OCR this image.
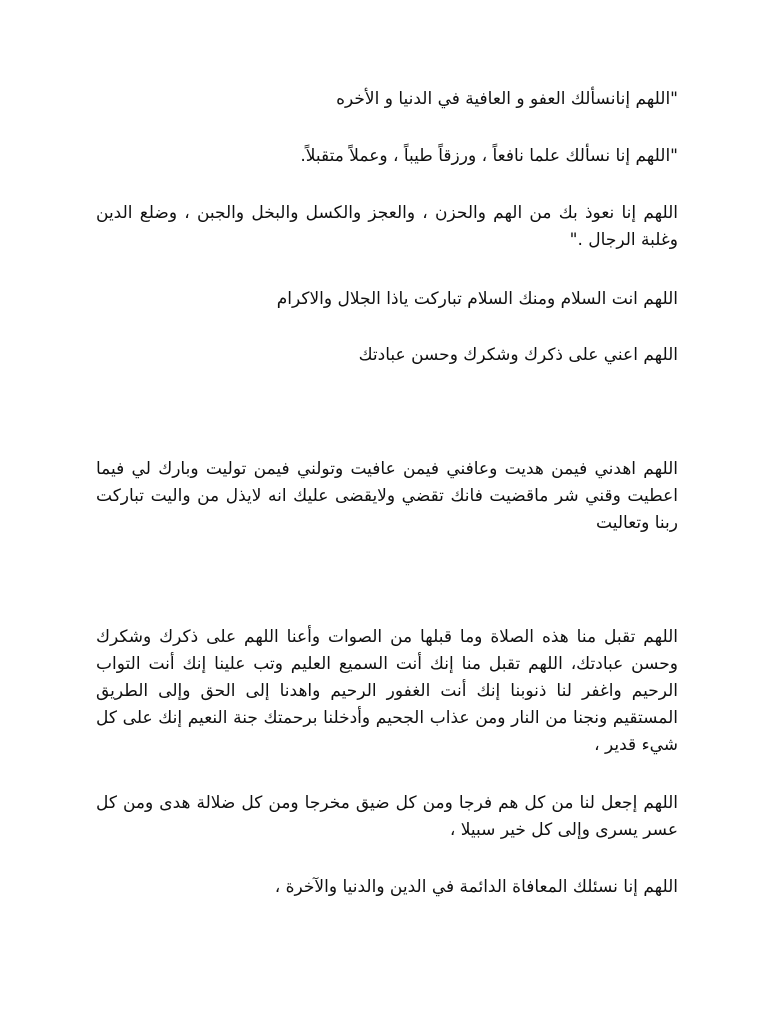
"اللهم إنانسألك العفو و العافية في الدنيا و الأخره

"اللهم إنا نسألك علما نافعاً ، ورزقاً طيباً ، وعملاً متقبلاً.

اللهم إنا نعوذ بك من الهم والحزن ، والعجز والكسل والبخل والجبن ، وضلع الدين وغلبة الرجال ."

اللهم انت السلام ومنك السلام تباركت ياذا الجلال والاكرام

اللهم اعني على ذكرك وشكرك وحسن عبادتك

اللهم اهدني فيمن هديت وعافني فيمن عافيت وتولني فيمن توليت وبارك لي فيما اعطيت وقني شر ماقضيت فانك تقضي ولايقضى عليك انه لايذل من واليت تباركت ربنا وتعاليت

اللهم تقبل منا هذه الصلاة وما قبلها من الصوات وأعنا اللهم على ذكرك وشكرك وحسن عبادتك، اللهم تقبل منا إنك أنت السميع العليم وتب علينا إنك أنت التواب الرحيم واغفر لنا ذنوبنا إنك أنت الغفور الرحيم واهدنا إلى الحق وإلى الطريق المستقيم ونجنا من النار ومن عذاب الجحيم وأدخلنا برحمتك جنة النعيم إنك على كل شيء قدير ،

اللهم إجعل لنا من كل هم فرجا ومن كل ضيق مخرجا ومن كل ضلالة هدى ومن كل عسر يسرى وإلى كل خير سبيلا ،

اللهم إنا نسئلك المعافاة الدائمة في الدين والدنيا والآخرة ،
